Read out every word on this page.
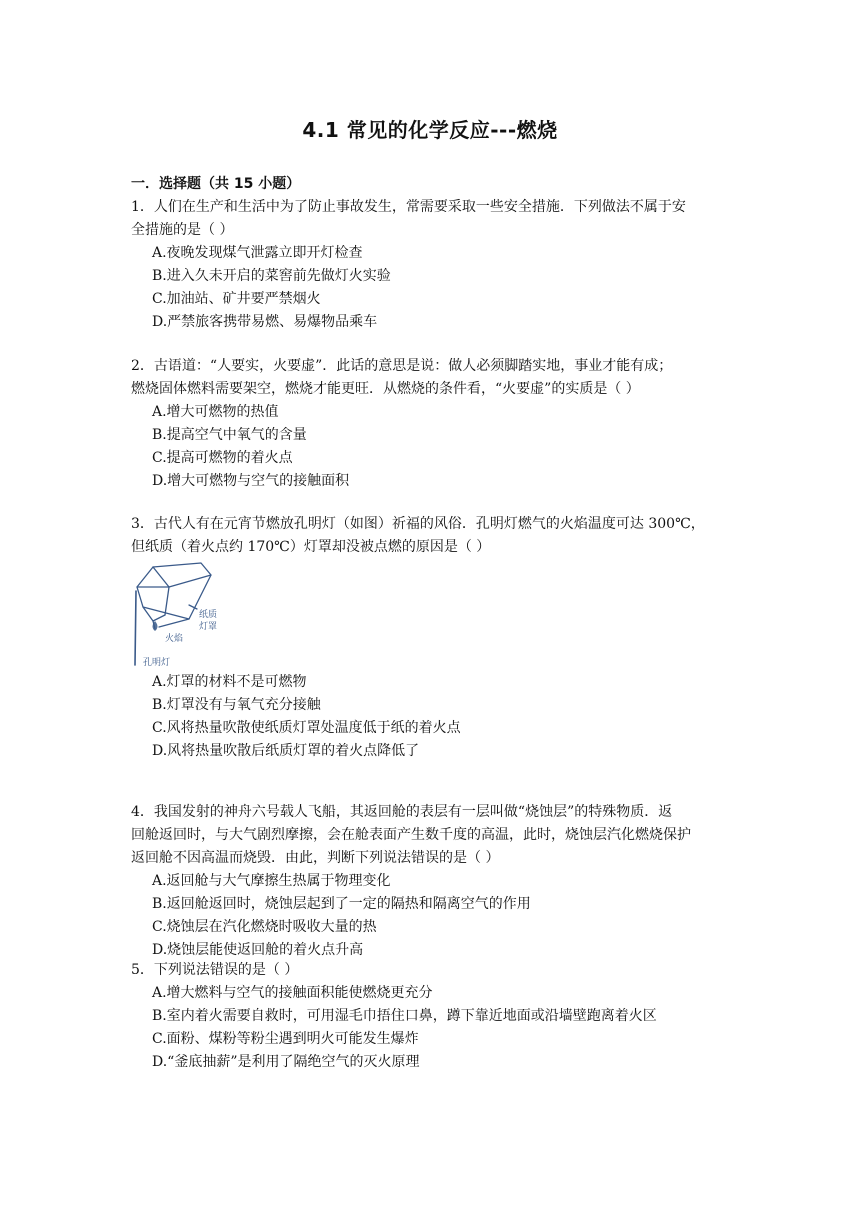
4.1 常见的化学反应---燃烧
一．选择题（共 15 小题）
1．人们在生产和生活中为了防止事故发生，常需要采取一些安全措施．下列做法不属于安
全措施的是（ ）
A.夜晚发现煤气泄露立即开灯检查
B.进入久未开启的菜窖前先做灯火实验
C.加油站、矿井要严禁烟火
D.严禁旅客携带易燃、易爆物品乘车
2．古语道：“人要实，火要虚”．此话的意思是说：做人必须脚踏实地，事业才能有成；
燃烧固体燃料需要架空，燃烧才能更旺．从燃烧的条件看，“火要虚”的实质是（ ）
A.增大可燃物的热值
B.提高空气中氧气的含量
C.提高可燃物的着火点
D.增大可燃物与空气的接触面积
3．古代人有在元宵节燃放孔明灯（如图）祈福的风俗．孔明灯燃气的火焰温度可达 300℃，
但纸质（着火点约 170℃）灯罩却没被点燃的原因是（ ）
纸质
灯罩
火焰
孔明灯
A.灯罩的材料不是可燃物
B.灯罩没有与氧气充分接触
C.风将热量吹散使纸质灯罩处温度低于纸的着火点
D.风将热量吹散后纸质灯罩的着火点降低了
4．我国发射的神舟六号载人飞船，其返回舱的表层有一层叫做“烧蚀层”的特殊物质．返
回舱返回时，与大气剧烈摩擦，会在舱表面产生数千度的高温，此时，烧蚀层汽化燃烧保护
返回舱不因高温而烧毁．由此，判断下列说法错误的是（ ）
A.返回舱与大气摩擦生热属于物理变化
B.返回舱返回时，烧蚀层起到了一定的隔热和隔离空气的作用
C.烧蚀层在汽化燃烧时吸收大量的热
D.烧蚀层能使返回舱的着火点升高
5．下列说法错误的是（ ）
A.增大燃料与空气的接触面积能使燃烧更充分
B.室内着火需要自救时，可用湿毛巾捂住口鼻，蹲下靠近地面或沿墙壁跑离着火区
C.面粉、煤粉等粉尘遇到明火可能发生爆炸
D.“釜底抽薪”是利用了隔绝空气的灭火原理
